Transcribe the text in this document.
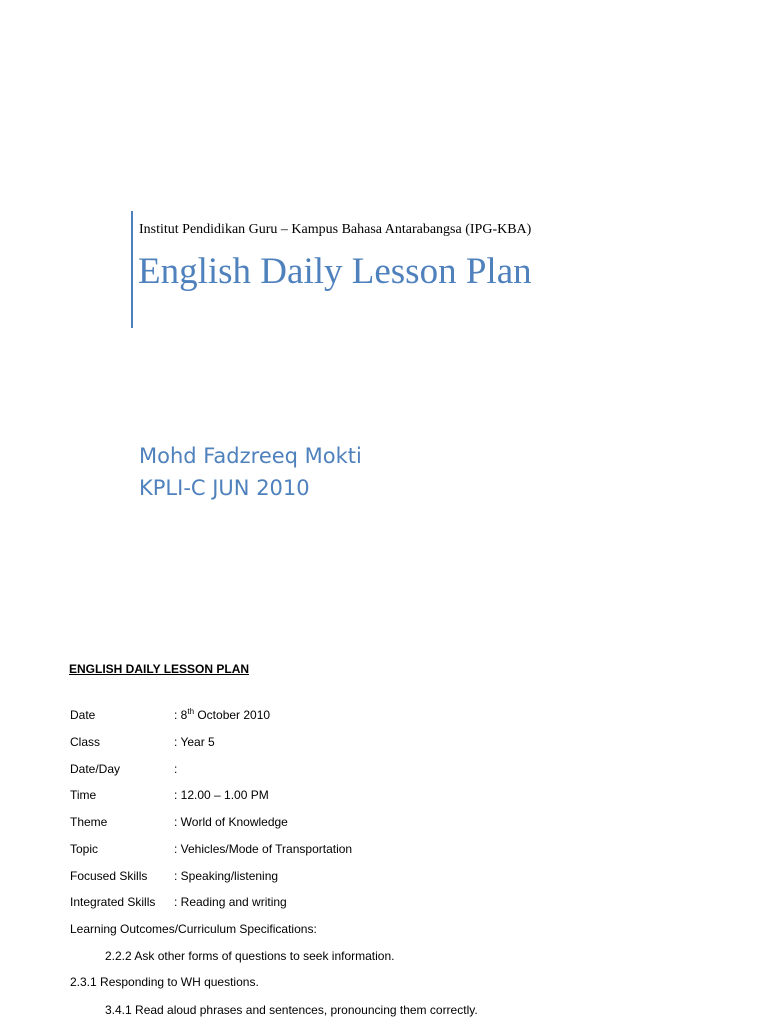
Institut Pendidikan Guru – Kampus Bahasa Antarabangsa (IPG-KBA)
English Daily Lesson Plan
Mohd Fadzreeq Mokti
KPLI-C JUN 2010
ENGLISH DAILY LESSON PLAN
Date	: 8th October 2010
Class	: Year 5
Date/Day	:
Time	: 12.00 – 1.00 PM
Theme	: World of Knowledge
Topic	: Vehicles/Mode of Transportation
Focused Skills : Speaking/listening
Integrated Skills : Reading and writing
Learning Outcomes/Curriculum Specifications:
2.2.2 Ask other forms of questions to seek information.
2.3.1 Responding to WH questions.
3.4.1 Read aloud phrases and sentences, pronouncing them correctly.
